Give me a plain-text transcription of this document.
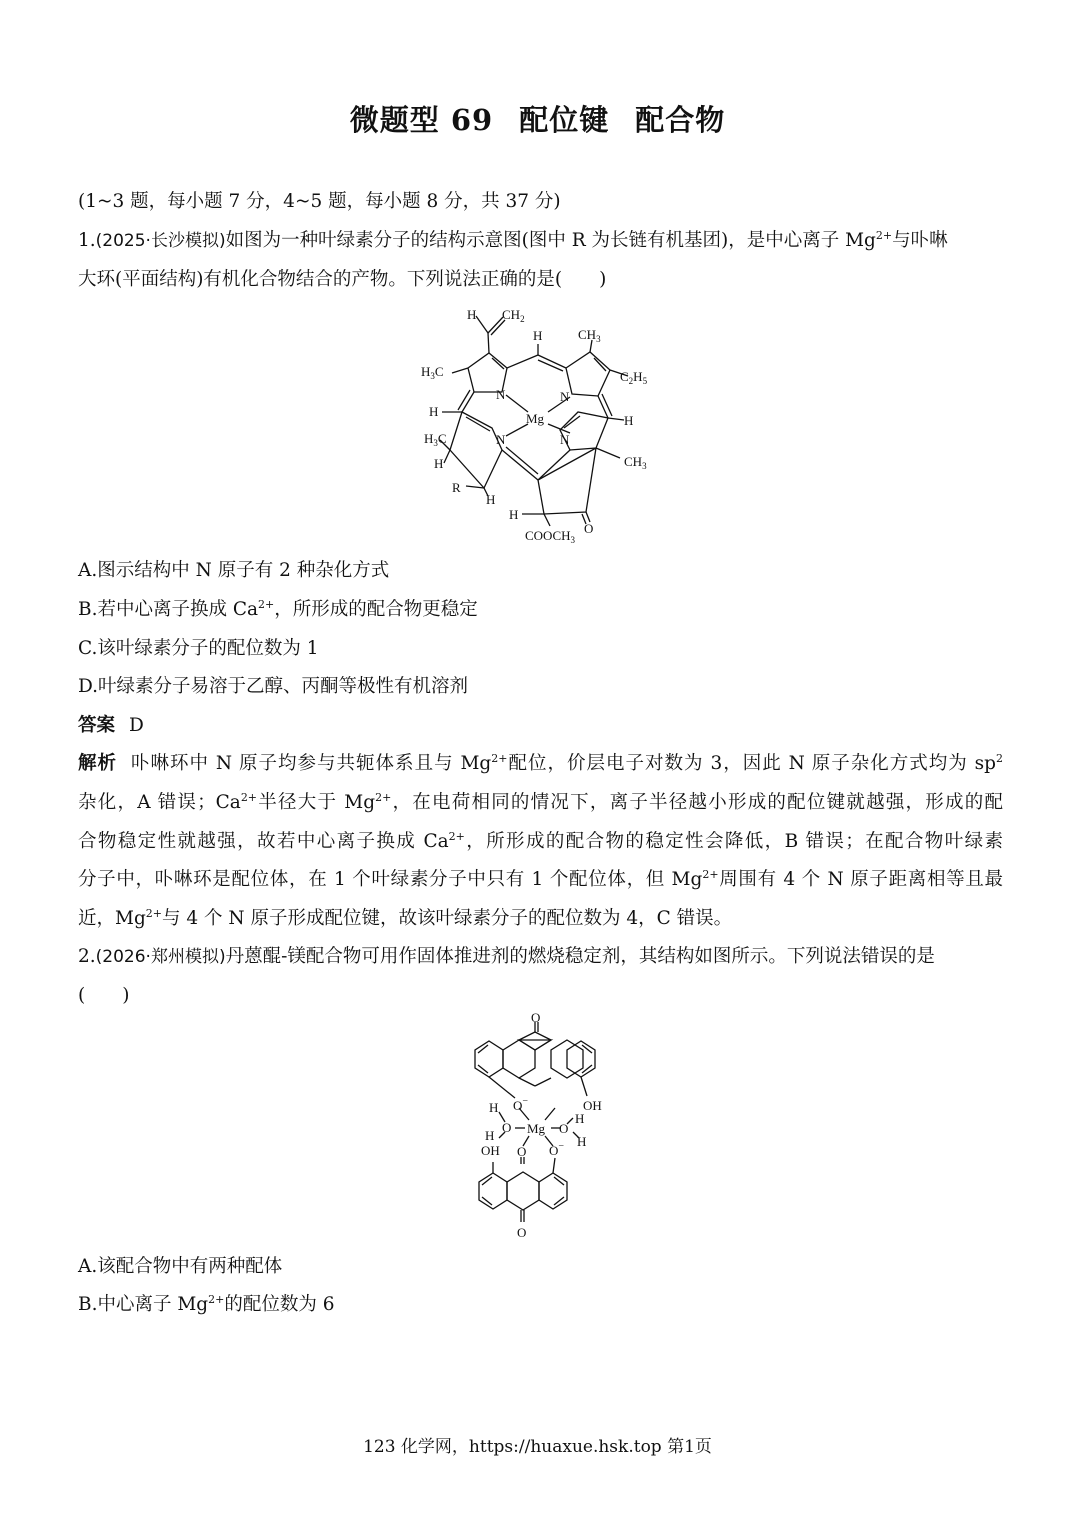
微题型 69 配位键 配合物
(1~3 题，每小题 7 分，4~5 题，每小题 8 分，共 37 分)
1.(2025·长沙模拟)如图为一种叶绿素分子的结构示意图(图中 R 为长链有机基团)，是中心离子 $Mg^{2+}$与卟啉
大环(平面结构)有机化合物结合的产物。下列说法正确的是(　　)
H $CH_2$
H	$CH_3$
$H_3C$	$C_2H_5$
H
H
N	N
Mg
N	N
$H_3C$
H
R
H
$CH_3$
H
O
$COOCH_3$
A.图示结构中 N 原子有 2 种杂化方式
B.若中心离子换成 $Ca^{2+}$，所形成的配合物更稳定
C.该叶绿素分子的配位数为 1
D.叶绿素分子易溶于乙醇、丙酮等极性有机溶剂
答案 D
解析 卟啉环中 N 原子均参与共轭体系且与 $Mg^{2+}$配位，价层电子对数为 3，因此 N 原子杂化方式均为 $sp^2$
杂化，A 错误；$Ca^{2+}$半径大于 $Mg^{2+}$，在电荷相同的情况下，离子半径越小形成的配位键就越强，形成的配
合物稳定性就越强，故若中心离子换成 $Ca^{2+}$，所形成的配合物的稳定性会降低，B 错误；在配合物叶绿素
分子中，卟啉环是配位体，在 1 个叶绿素分子中只有 1 个配位体，但 $Mg^{2+}$周围有 4 个 N 原子距离相等且最
近，$Mg^{2+}$与 4 个 N 原子形成配位键，故该叶绿素分子的配位数为 4，C 错误。
2.(2026·郑州模拟)丹蒽醌-镁配合物可用作固体推进剂的燃烧稳定剂，其结构如图所示。下列说法错误的是
(　　)
O
O−	OH
H
O
H	Mg O
H
H
OH O O−
O
A.该配合物中有两种配体
B.中心离子 $Mg^{2+}$的配位数为 6
123 化学网，https://huaxue.hsk.top 第1页
